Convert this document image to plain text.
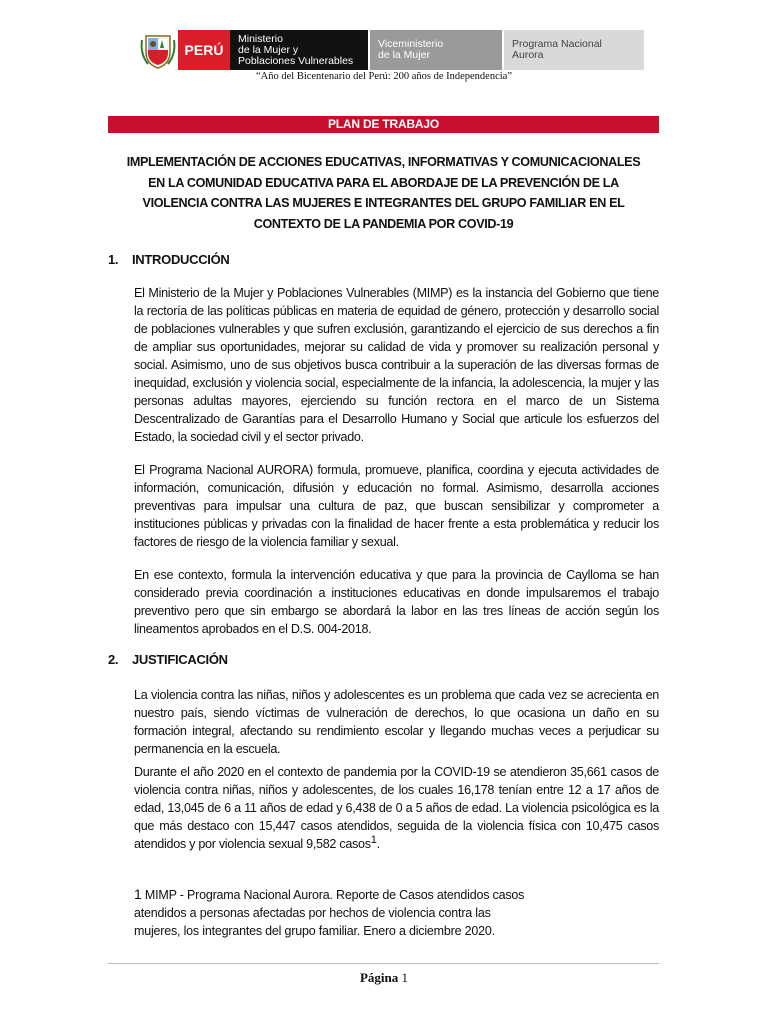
PERÚ
Ministerio
de la Mujer y
Poblaciones Vulnerables
Viceministerio
de la Mujer
Programa Nacional
Aurora
“Año del Bicentenario del Perú: 200 años de Independencia”
PLAN DE TRABAJO
IMPLEMENTACIÓN DE ACCIONES EDUCATIVAS, INFORMATIVAS Y COMUNICACIONALES
EN LA COMUNIDAD EDUCATIVA PARA EL ABORDAJE DE LA PREVENCIÓN DE LA
VIOLENCIA CONTRA LAS MUJERES E INTEGRANTES DEL GRUPO FAMILIAR EN EL
CONTEXTO DE LA PANDEMIA POR COVID-19
1. INTRODUCCIÓN

El Ministerio de la Mujer y Poblaciones Vulnerables (MIMP) es la instancia del Gobierno que tiene la rectoría de las políticas públicas en materia de equidad de género, protección y desarrollo social de poblaciones vulnerables y que sufren exclusión, garantizando el ejercicio de sus derechos a fin de ampliar sus oportunidades, mejorar su calidad de vida y promover su realización personal y social. Asimismo, uno de sus objetivos busca contribuir a la superación de las diversas formas de inequidad, exclusión y violencia social, especialmente de la infancia, la adolescencia, la mujer y las personas adultas mayores, ejerciendo su función rectora en el marco de un Sistema Descentralizado de Garantías para el Desarrollo Humano y Social que articule los esfuerzos del Estado, la sociedad civil y el sector privado.

El Programa Nacional AURORA) formula, promueve, planifica, coordina y ejecuta actividades de información, comunicación, difusión y educación no formal. Asimismo, desarrolla acciones preventivas para impulsar una cultura de paz, que buscan sensibilizar y comprometer a instituciones públicas y privadas con la finalidad de hacer frente a esta problemática y reducir los factores de riesgo de la violencia familiar y sexual.

En ese contexto, formula la intervención educativa y que para la provincia de Caylloma se han considerado previa coordinación a instituciones educativas en donde impulsaremos el trabajo preventivo pero que sin embargo se abordará la labor en las tres líneas de acción según los lineamentos aprobados en el D.S. 004-2018.

2. JUSTIFICACIÓN

La violencia contra las niñas, niños y adolescentes es un problema que cada vez se acrecienta en nuestro país, siendo víctimas de vulneración de derechos, lo que ocasiona un daño en su formación integral, afectando su rendimiento escolar y llegando muchas veces a perjudicar su permanencia en la escuela.

Durante el año 2020 en el contexto de pandemia por la COVID-19 se atendieron 35,661 casos de violencia contra niñas, niños y adolescentes, de los cuales 16,178 tenían entre 12 a 17 años de edad, 13,045 de 6 a 11 años de edad y 6,438 de 0 a 5 años de edad. La violencia psicológica es la que más destaco con 15,447 casos atendidos, seguida de la violencia física con 10,475 casos atendidos y por violencia sexual 9,582 casos1.

1 MIMP - Programa Nacional Aurora. Reporte de Casos atendidos casos atendidos a personas afectadas por hechos de violencia contra las mujeres, los integrantes del grupo familiar. Enero a diciembre 2020.
Página 1
